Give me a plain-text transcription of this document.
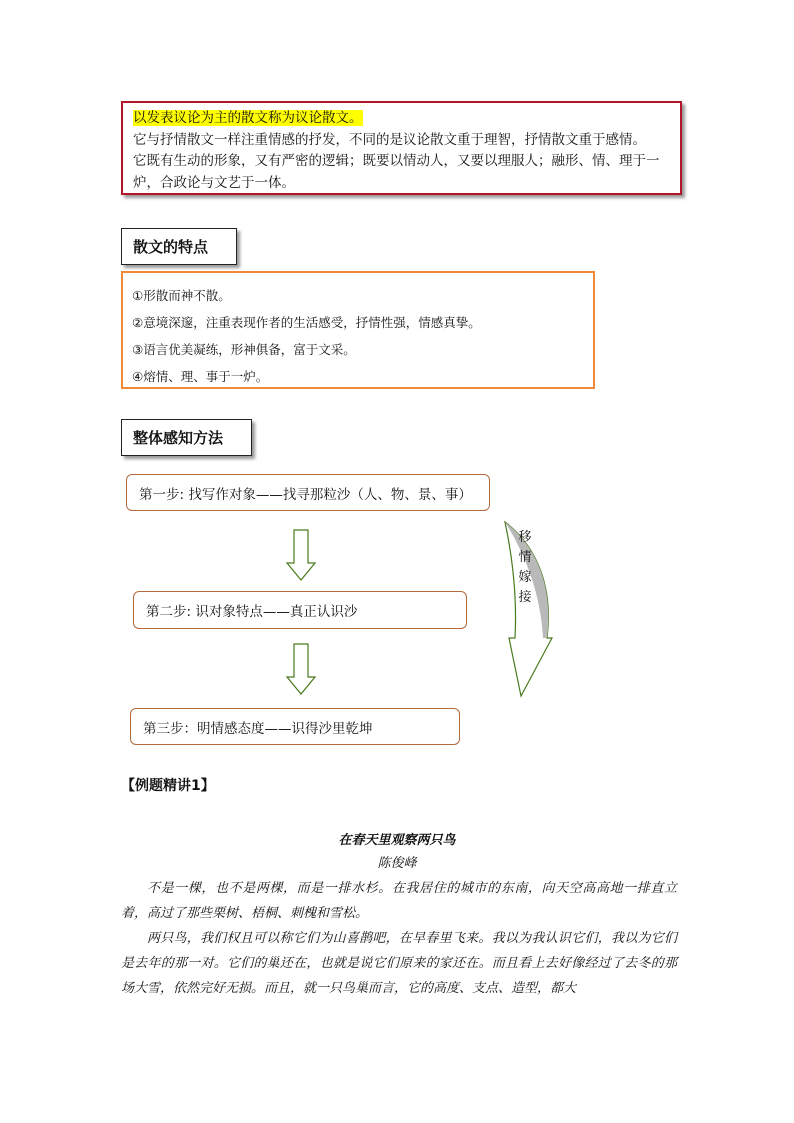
以发表议论为主的散文称为议论散文。

它与抒情散文一样注重情感的抒发，不同的是议论散文重于理智，抒情散文重于感情。

它既有生动的形象，又有严密的逻辑；既要以情动人，又要以理服人；融形、情、理于一炉，合政论与文艺于一体。

散文的特点
①形散而神不散。
②意境深邃，注重表现作者的生活感受，抒情性强，情感真挚。
③语言优美凝练，形神俱备，富于文采。
④熔情、理、事于一炉。
整体感知方法
第一步: 找写作对象——找寻那粒沙（人、物、景、事）
第二步: 识对象特点——真正认识沙
第三步：明情感态度——识得沙里乾坤
移情嫁接
【例题精讲1】
在春天里观察两只鸟
陈俊峰

不是一棵，也不是两棵，而是一排水杉。在我居住的城市的东南，向天空高高地一排直立着，高过了那些栗树、梧桐、刺槐和雪松。

两只鸟，我们权且可以称它们为山喜鹊吧，在早春里飞来。我以为我认识它们，我以为它们是去年的那一对。它们的巢还在，也就是说它们原来的家还在。而且看上去好像经过了去冬的那场大雪，依然完好无损。而且，就一只鸟巢而言，它的高度、支点、造型，都大
